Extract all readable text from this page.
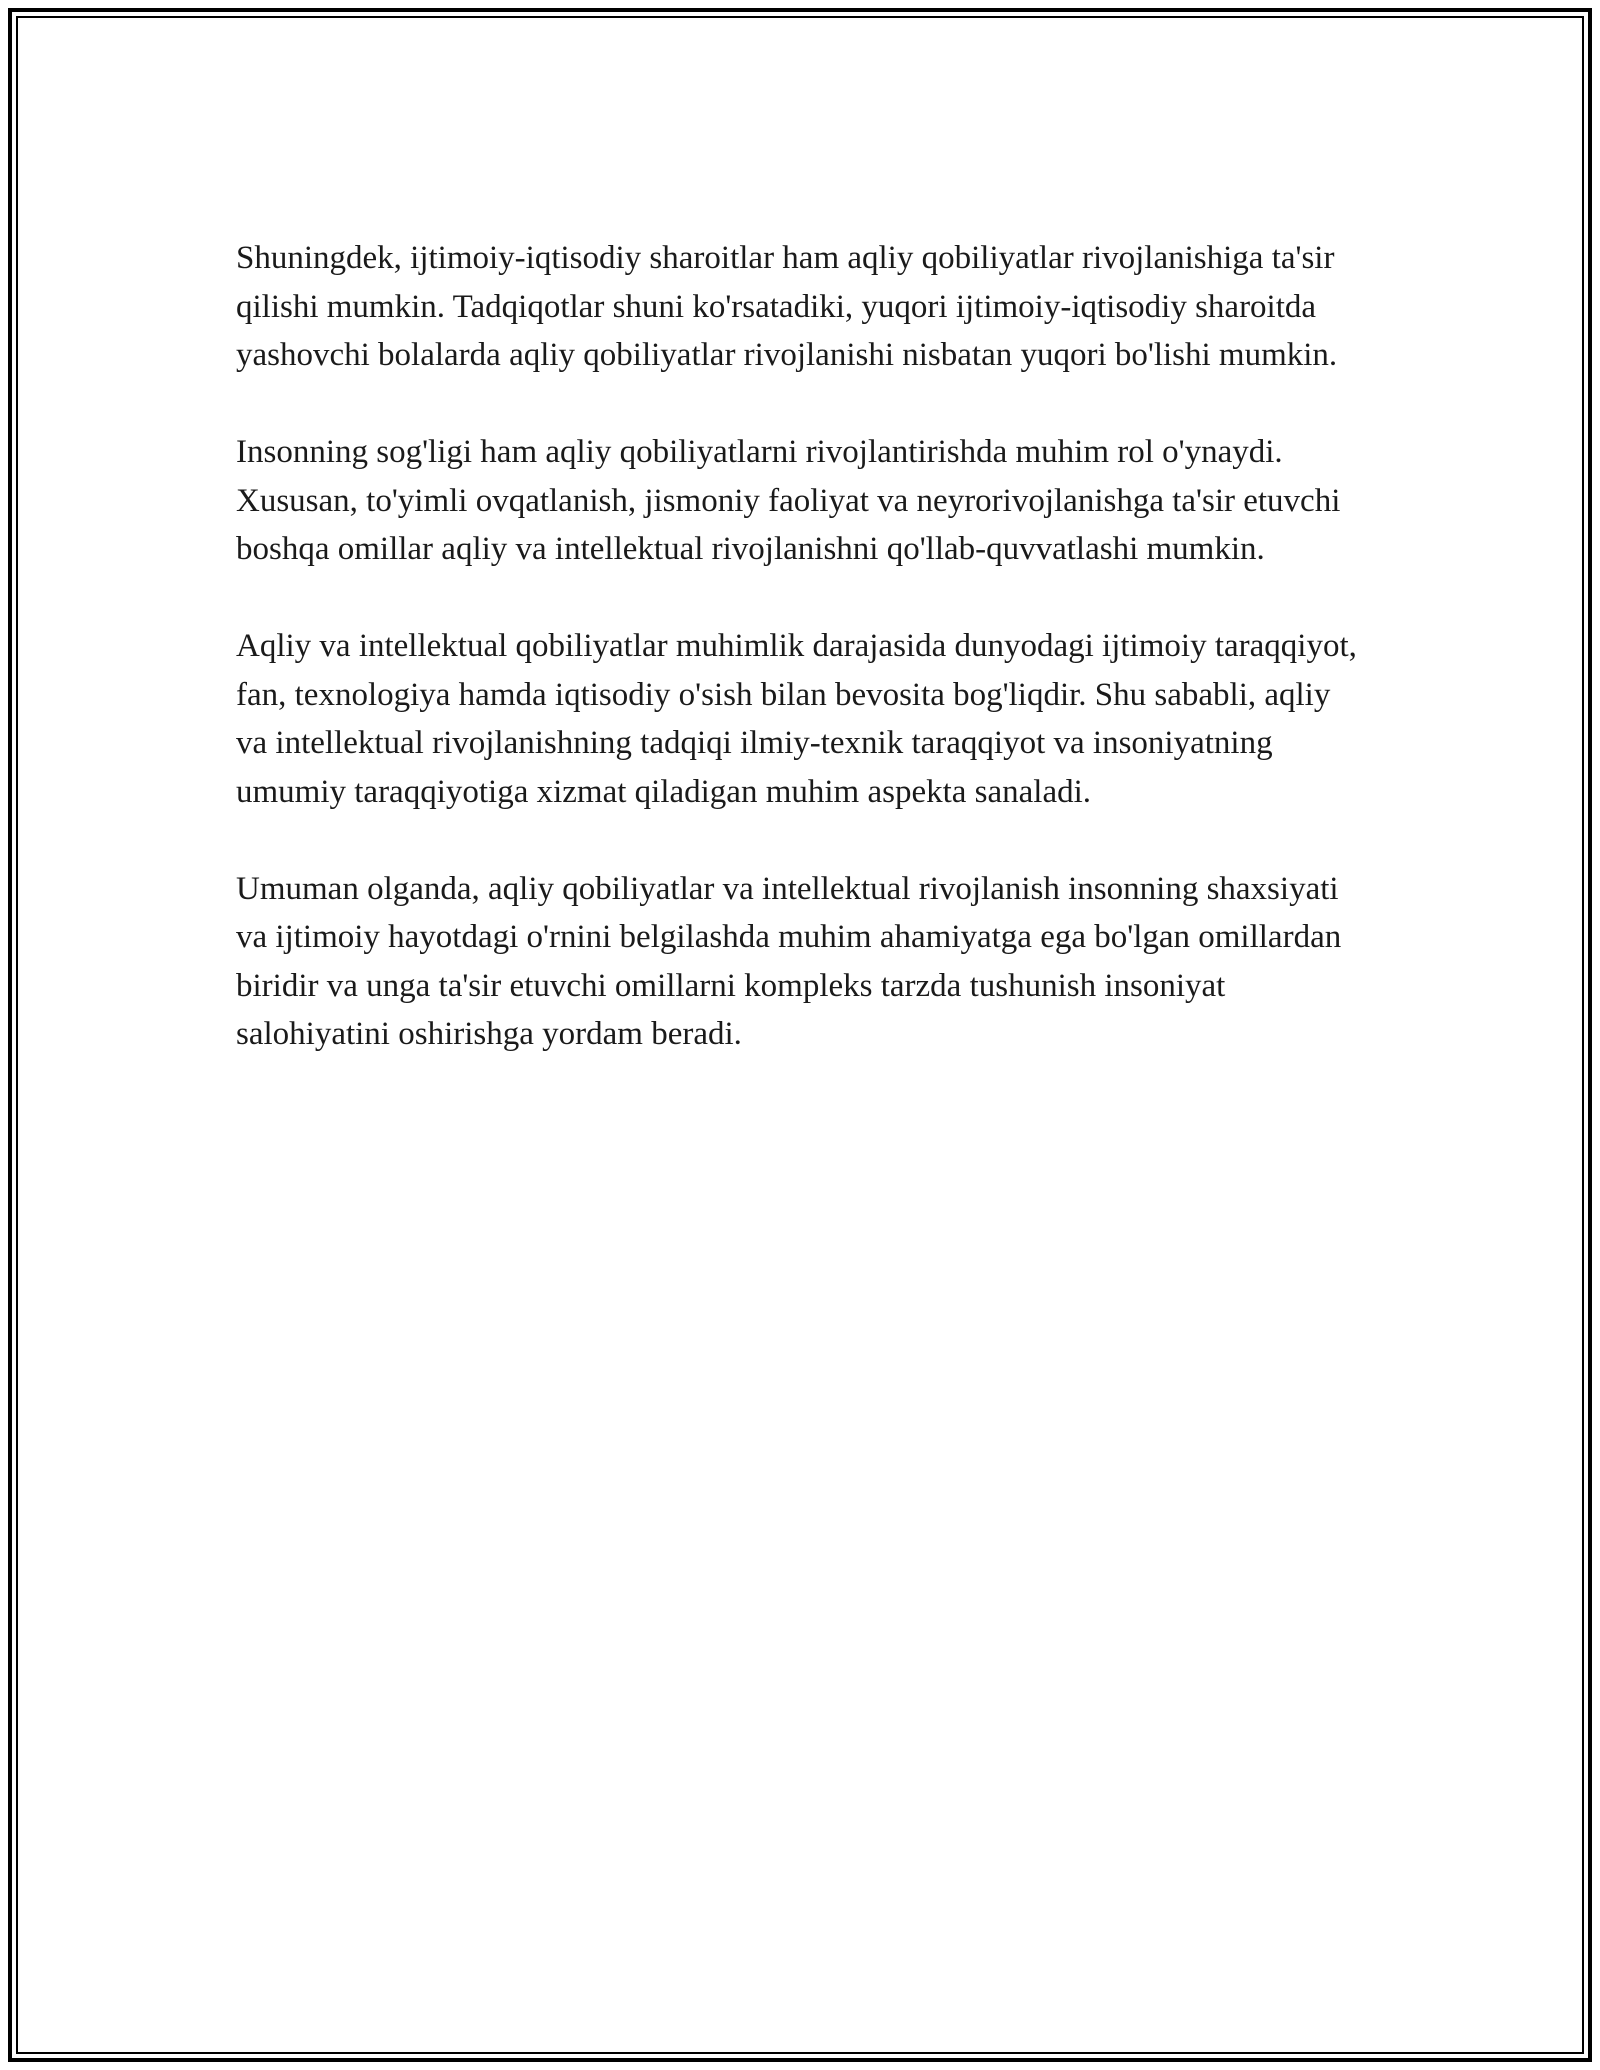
Shuningdek, ijtimoiy-iqtisodiy sharoitlar ham aqliy qobiliyatlar rivojlanishiga ta'sir qilishi mumkin. Tadqiqotlar shuni ko'rsatadiki, yuqori ijtimoiy-iqtisodiy sharoitda yashovchi bolalarda aqliy qobiliyatlar rivojlanishi nisbatan yuqori bo'lishi mumkin.

Insonning sog'ligi ham aqliy qobiliyatlarni rivojlantirishda muhim rol o'ynaydi. Xususan, to'yimli ovqatlanish, jismoniy faoliyat va neyrorivojlanishga ta'sir etuvchi boshqa omillar aqliy va intellektual rivojlanishni qo'llab-quvvatlashi mumkin.

Aqliy va intellektual qobiliyatlar muhimlik darajasida dunyodagi ijtimoiy taraqqiyot, fan, texnologiya hamda iqtisodiy o'sish bilan bevosita bog'liqdir. Shu sababli, aqliy va intellektual rivojlanishning tadqiqi ilmiy-texnik taraqqiyot va insoniyatning umumiy taraqqiyotiga xizmat qiladigan muhim aspekta sanaladi.

Umuman olganda, aqliy qobiliyatlar va intellektual rivojlanish insonning shaxsiyati va ijtimoiy hayotdagi o'rnini belgilashda muhim ahamiyatga ega bo'lgan omillardan biridir va unga ta'sir etuvchi omillarni kompleks tarzda tushunish insoniyat salohiyatini oshirishga yordam beradi.
